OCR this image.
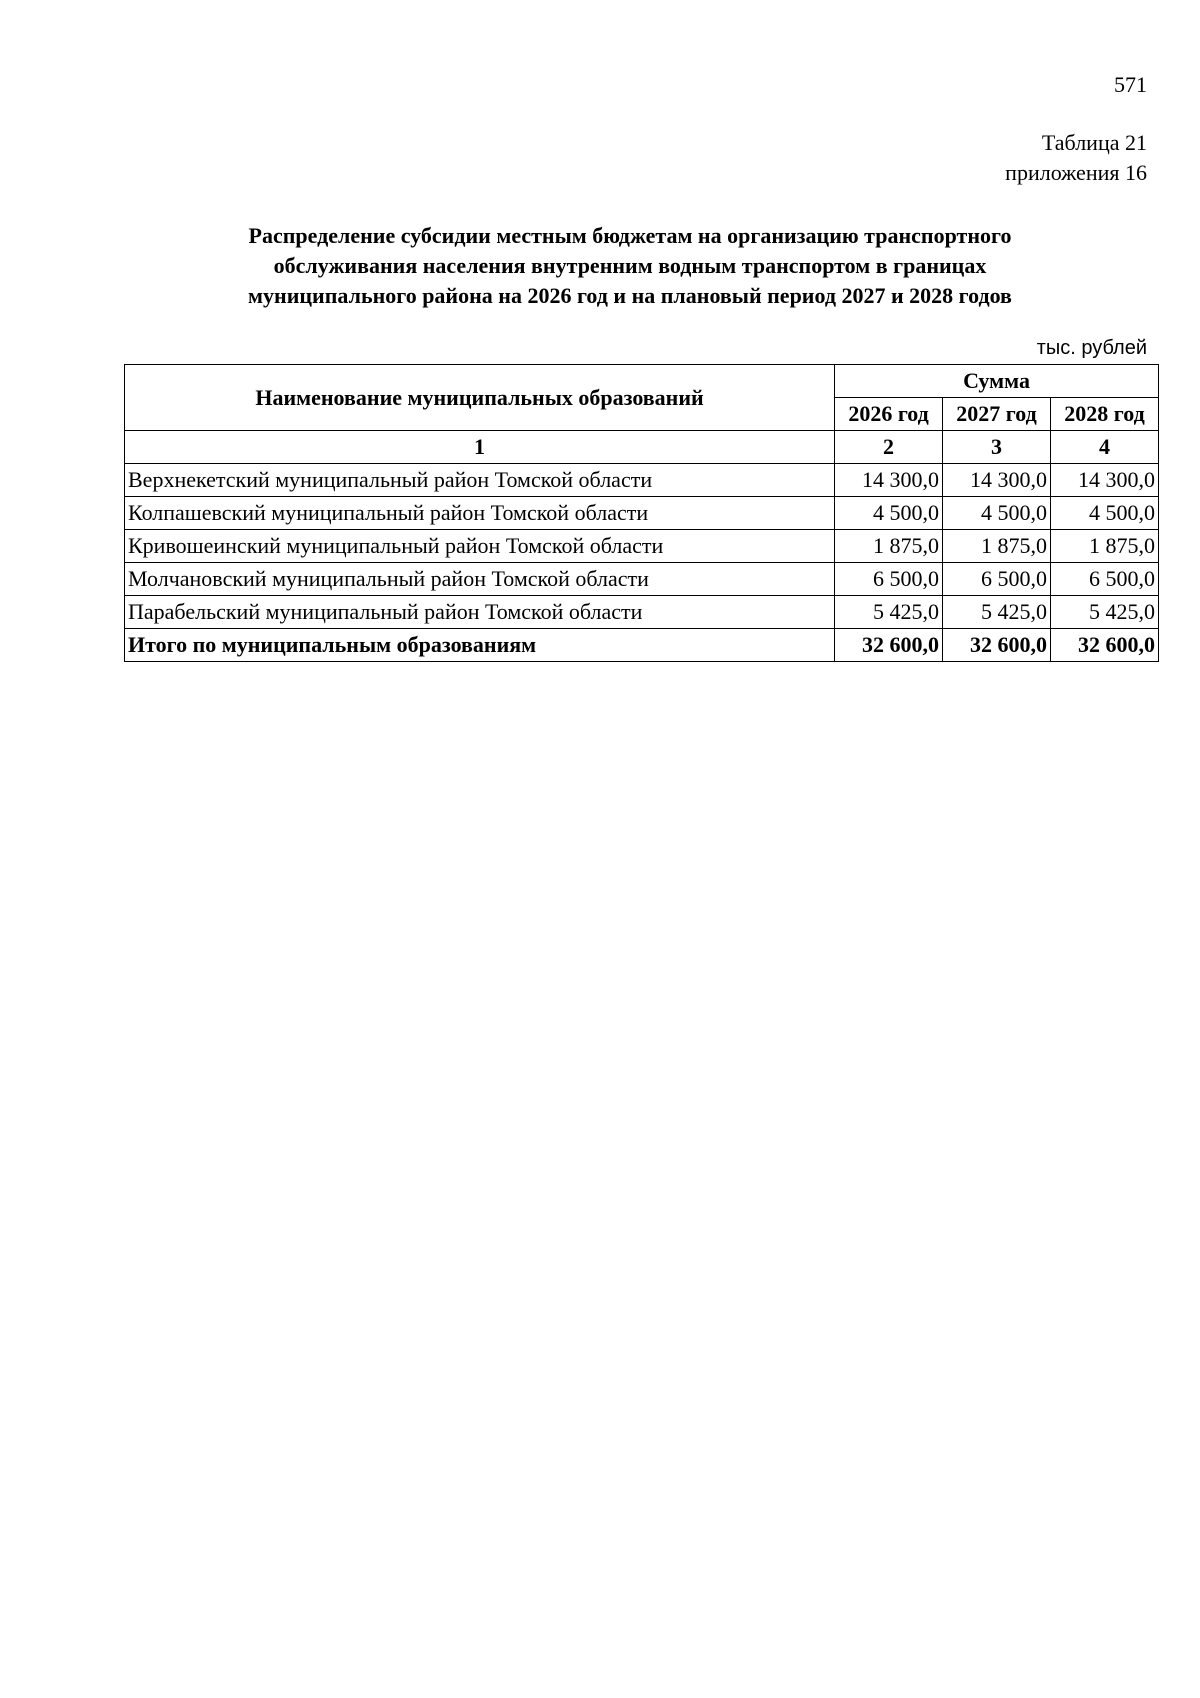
571
Таблица 21
приложения 16
Распределение субсидии местным бюджетам на организацию транспортного
обслуживания населения внутренним водным транспортом в границах
муниципального района на 2026 год и на плановый период 2027 и 2028 годов
тыс. рублей
Наименование муниципальных образований	Сумма		
	2026 год	2027 год	2028 год
1	2	3	4
Верхнекетский муниципальный район Томской области	14 300,0	14 300,0	14 300,0
Колпашевский муниципальный район Томской области	4 500,0	4 500,0	4 500,0
Кривошеинский муниципальный район Томской области	1 875,0	1 875,0	1 875,0
Молчановский муниципальный район Томской области	6 500,0	6 500,0	6 500,0
Парабельский муниципальный район Томской области	5 425,0	5 425,0	5 425,0
Итого по муниципальным образованиям	32 600,0	32 600,0	32 600,0
